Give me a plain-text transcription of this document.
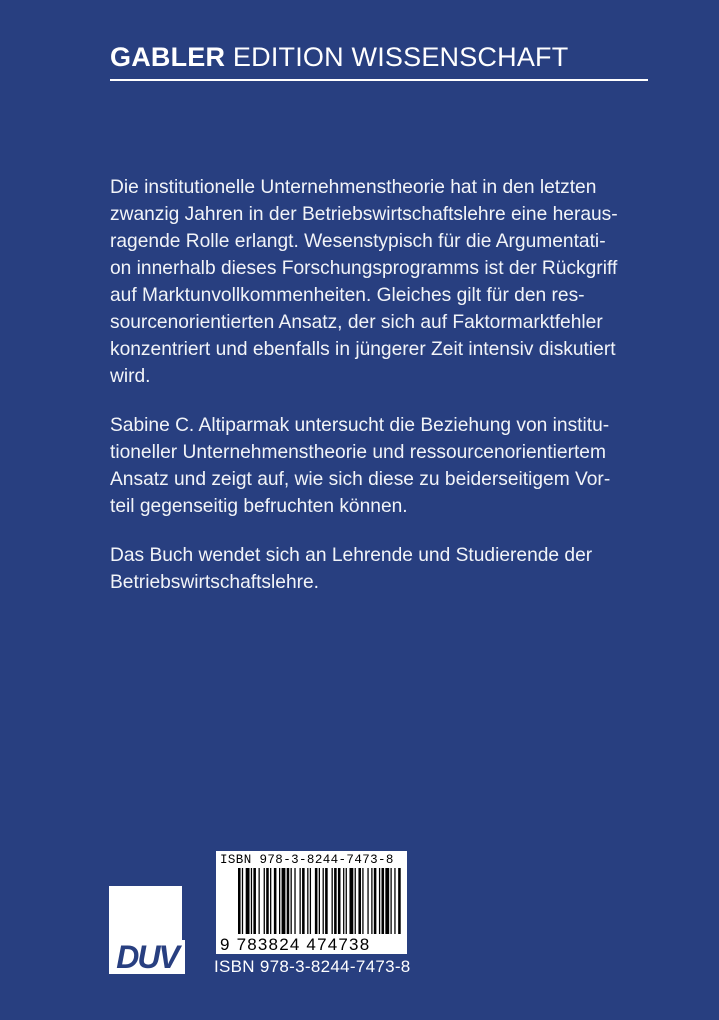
GABLER EDITION WISSENSCHAFT

Die institutionelle Unternehmenstheorie hat in den letzten
zwanzig Jahren in der Betriebswirtschaftslehre eine heraus-
ragende Rolle erlangt. Wesenstypisch für die Argumentati-
on innerhalb dieses Forschungsprogramms ist der Rückgriff
auf Marktunvollkommenheiten. Gleiches gilt für den res-
sourcenorientierten Ansatz, der sich auf Faktormarktfehler
konzentriert und ebenfalls in jüngerer Zeit intensiv diskutiert
wird.

Sabine C. Altiparmak untersucht die Beziehung von institu-
tioneller Unternehmenstheorie und ressourcenorientiertem
Ansatz und zeigt auf, wie sich diese zu beiderseitigem Vor-
teil gegenseitig befruchten können.

Das Buch wendet sich an Lehrende und Studierende der
Betriebswirtschaftslehre.

DUV
ISBN 978-3-8244-7473-8
9 783824 474738
ISBN 978-3-8244-7473-8
